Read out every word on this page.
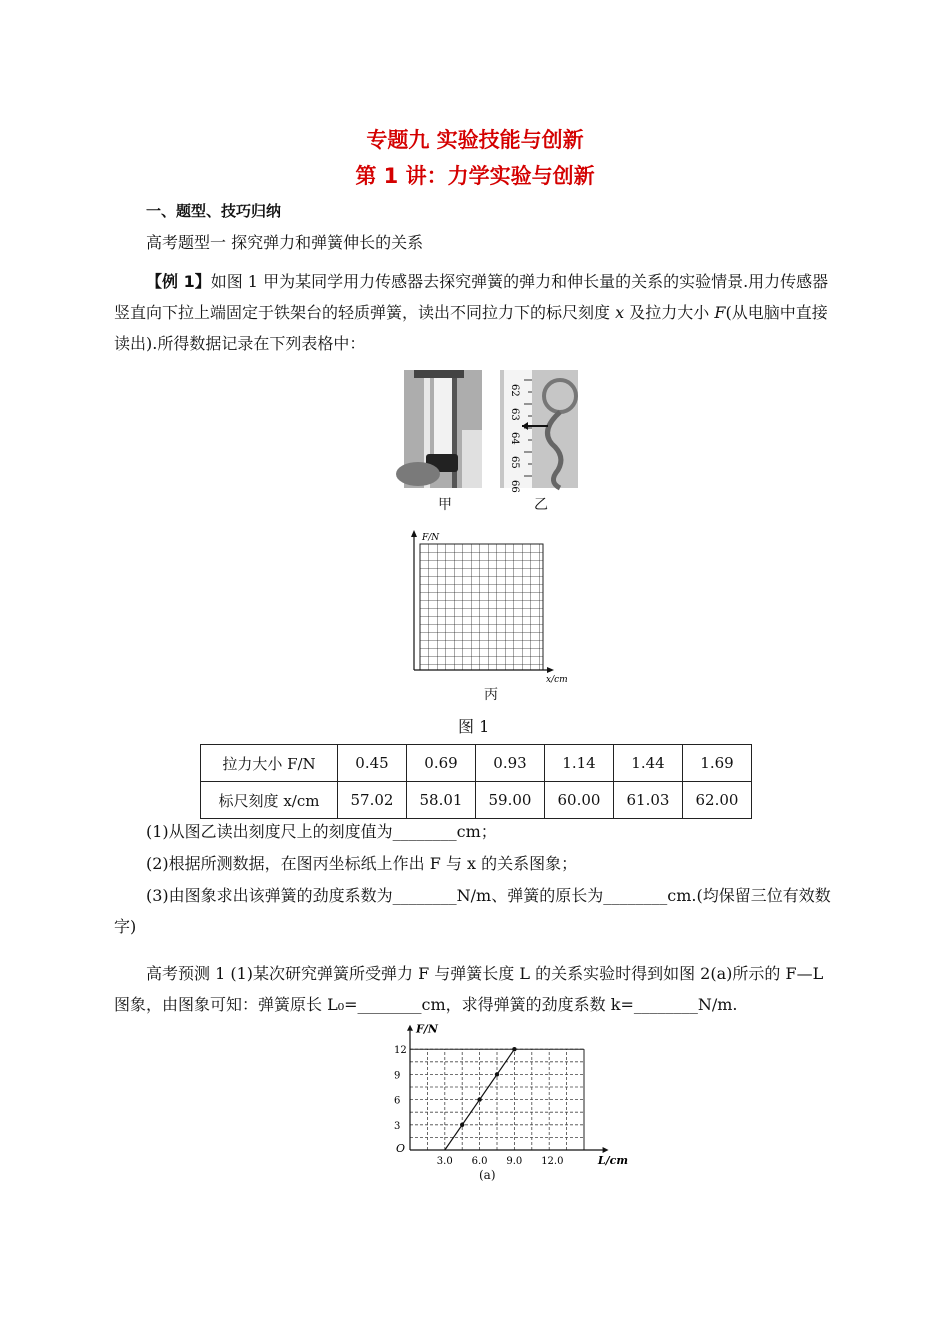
专题九 实验技能与创新
第 1 讲：力学实验与创新
一、题型、技巧归纳
高考题型一 探究弹力和弹簧伸长的关系
【例 1】如图 1 甲为某同学用力传感器去探究弹簧的弹力和伸长量的关系的实验情景.用力传感器竖直向下拉上端固定于铁架台的轻质弹簧，读出不同拉力下的标尺刻度 x 及拉力大小 F(从电脑中直接读出).所得数据记录在下列表格中：
甲
62
63
64
65
66
乙
F/N
x/cm
丙
图 1
拉力大小 F/N	0.45	0.69	0.93	1.14	1.44	1.69
标尺刻度 x/cm	57.02	58.01	59.00	60.00	61.03	62.00
(1)从图乙读出刻度尺上的刻度值为________cm；
(2)根据所测数据，在图丙坐标纸上作出 F 与 x 的关系图象；
(3)由图象求出该弹簧的劲度系数为________N/m、弹簧的原长为________cm.(均保留三位有效数字)
高考预测 1 (1)某次研究弹簧所受弹力 F 与弹簧长度 L 的关系实验时得到如图 2(a)所示的 F—L 图象，由图象可知：弹簧原长 L₀=________cm，求得弹簧的劲度系数 k=________N/m.
F/N
L/cm
O
3.0 6.0 9.0 12.0
3
6
9
12
(a)
